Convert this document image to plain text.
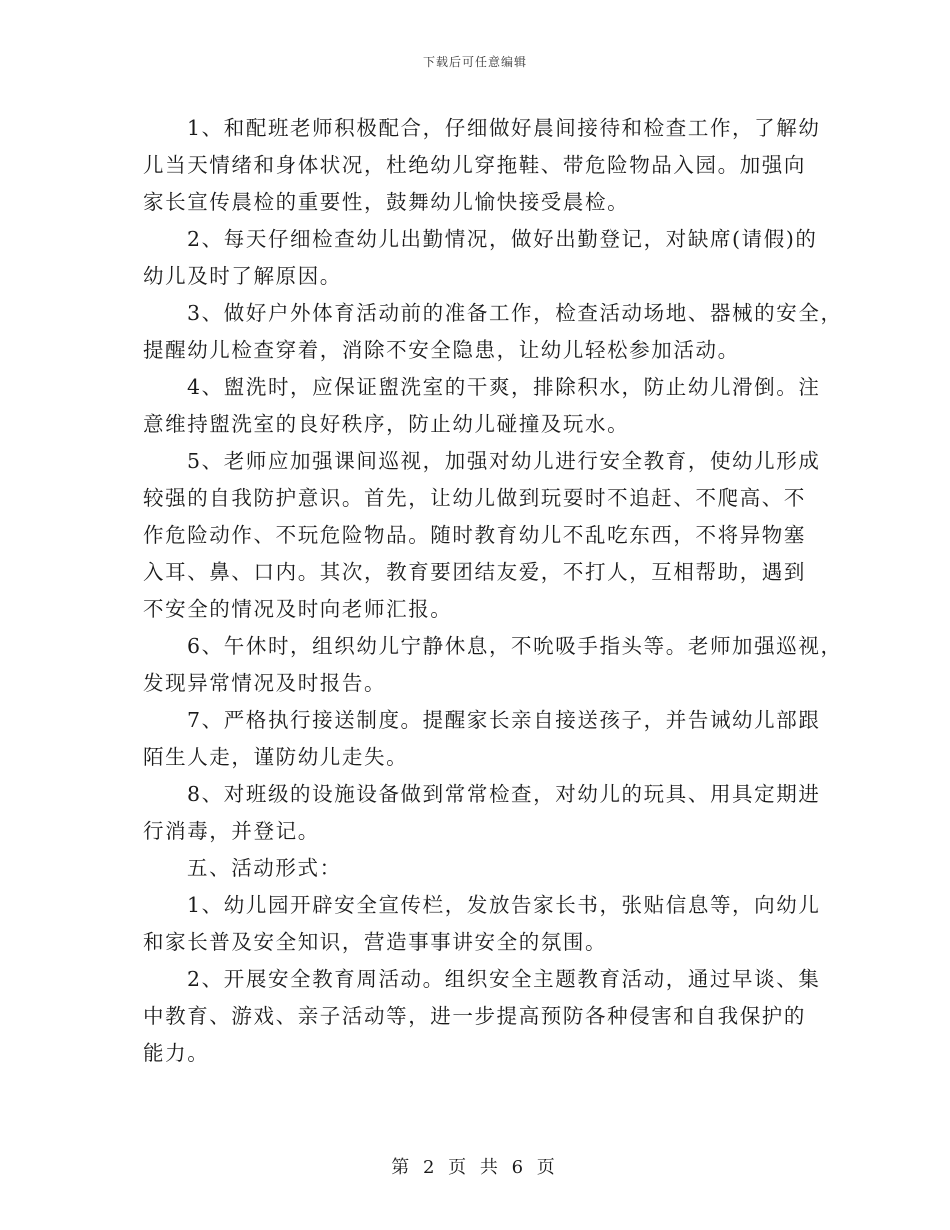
下载后可任意编辑

1、和配班老师积极配合，仔细做好晨间接待和检查工作，了解幼
儿当天情绪和身体状况，杜绝幼儿穿拖鞋、带危险物品入园。加强向
家长宣传晨检的重要性，鼓舞幼儿愉快接受晨检。

2、每天仔细检查幼儿出勤情况，做好出勤登记，对缺席(请假)的
幼儿及时了解原因。

3、做好户外体育活动前的准备工作，检查活动场地、器械的安全，
提醒幼儿检查穿着，消除不安全隐患，让幼儿轻松参加活动。

4、盥洗时，应保证盥洗室的干爽，排除积水，防止幼儿滑倒。注
意维持盥洗室的良好秩序，防止幼儿碰撞及玩水。

5、老师应加强课间巡视，加强对幼儿进行安全教育，使幼儿形成
较强的自我防护意识。首先，让幼儿做到玩耍时不追赶、不爬高、不
作危险动作、不玩危险物品。随时教育幼儿不乱吃东西，不将异物塞
入耳、鼻、口内。其次，教育要团结友爱，不打人，互相帮助，遇到
不安全的情况及时向老师汇报。

6、午休时，组织幼儿宁静休息，不吮吸手指头等。老师加强巡视，
发现异常情况及时报告。

7、严格执行接送制度。提醒家长亲自接送孩子，并告诫幼儿部跟
陌生人走，谨防幼儿走失。

8、对班级的设施设备做到常常检查，对幼儿的玩具、用具定期进
行消毒，并登记。

五、活动形式：

1、幼儿园开辟安全宣传栏，发放告家长书，张贴信息等，向幼儿
和家长普及安全知识，营造事事讲安全的氛围。

2、开展安全教育周活动。组织安全主题教育活动，通过早谈、集
中教育、游戏、亲子活动等，进一步提高预防各种侵害和自我保护的
能力。

第 2 页 共 6 页
